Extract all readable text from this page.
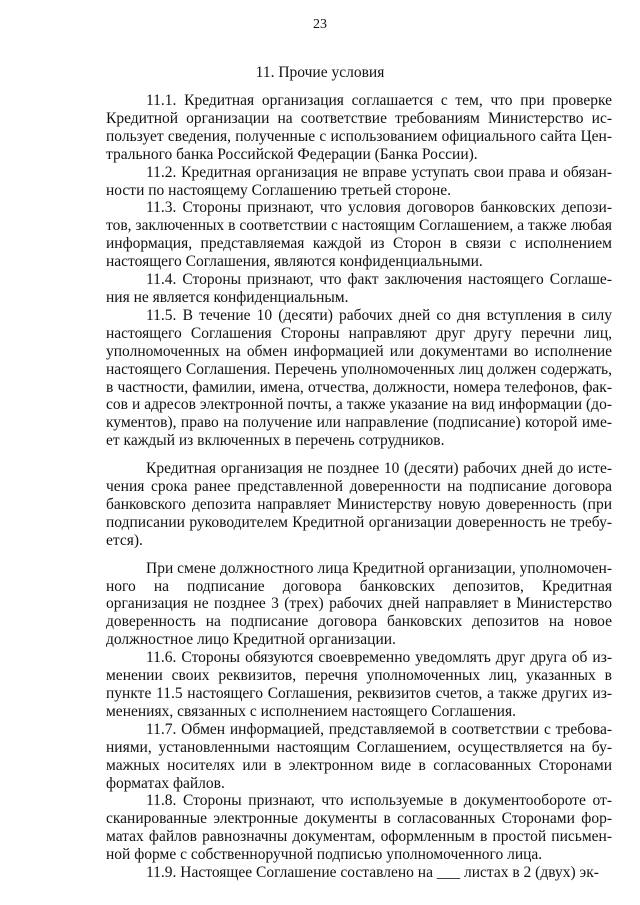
23
11. Прочие условия

11.1. Кредитная организация соглашается с тем, что при проверке Кредитной организации на соответствие требованиям Министерство использует сведения, полученные с использованием официального сайта Центрального банка Российской Федерации (Банка России).

11.2. Кредитная организация не вправе уступать свои права и обязанности по настоящему Соглашению третьей стороне.

11.3. Стороны признают, что условия договоров банковских депозитов, заключенных в соответствии с настоящим Соглашением, а также любая информация, представляемая каждой из Сторон в связи с исполнением настоящего Соглашения, являются конфиденциальными.

11.4. Стороны признают, что факт заключения настоящего Соглашения не является конфиденциальным.

11.5. В течение 10 (десяти) рабочих дней со дня вступления в силу настоящего Соглашения Стороны направляют друг другу перечни лиц, уполномоченных на обмен информацией или документами во исполнение настоящего Соглашения. Перечень уполномоченных лиц должен содержать, в частности, фамилии, имена, отчества, должности, номера телефонов, факсов и адресов электронной почты, а также указание на вид информации (документов), право на получение или направление (подписание) которой имеет каждый из включенных в перечень сотрудников.

Кредитная организация не позднее 10 (десяти) рабочих дней до истечения срока ранее представленной доверенности на подписание договора банковского депозита направляет Министерству новую доверенность (при подписании руководителем Кредитной организации доверенность не требуется).

При смене должностного лица Кредитной организации, уполномоченного на подписание договора банковских депозитов, Кредитная организация не позднее 3 (трех) рабочих дней направляет в Министерство доверенность на подписание договора банковских депозитов на новое должностное лицо Кредитной организации.

11.6. Стороны обязуются своевременно уведомлять друг друга об изменении своих реквизитов, перечня уполномоченных лиц, указанных в пункте 11.5 настоящего Соглашения, реквизитов счетов, а также других изменениях, связанных с исполнением настоящего Соглашения.

11.7. Обмен информацией, представляемой в соответствии с требованиями, установленными настоящим Соглашением, осуществляется на бумажных носителях или в электронном виде в согласованных Сторонами форматах файлов.

11.8. Стороны признают, что используемые в документообороте отсканированные электронные документы в согласованных Сторонами форматах файлов равнозначны документам, оформленным в простой письменной форме с собственноручной подписью уполномоченного лица.

11.9. Настоящее Соглашение составлено на ___ листах в 2 (двух) эк-
